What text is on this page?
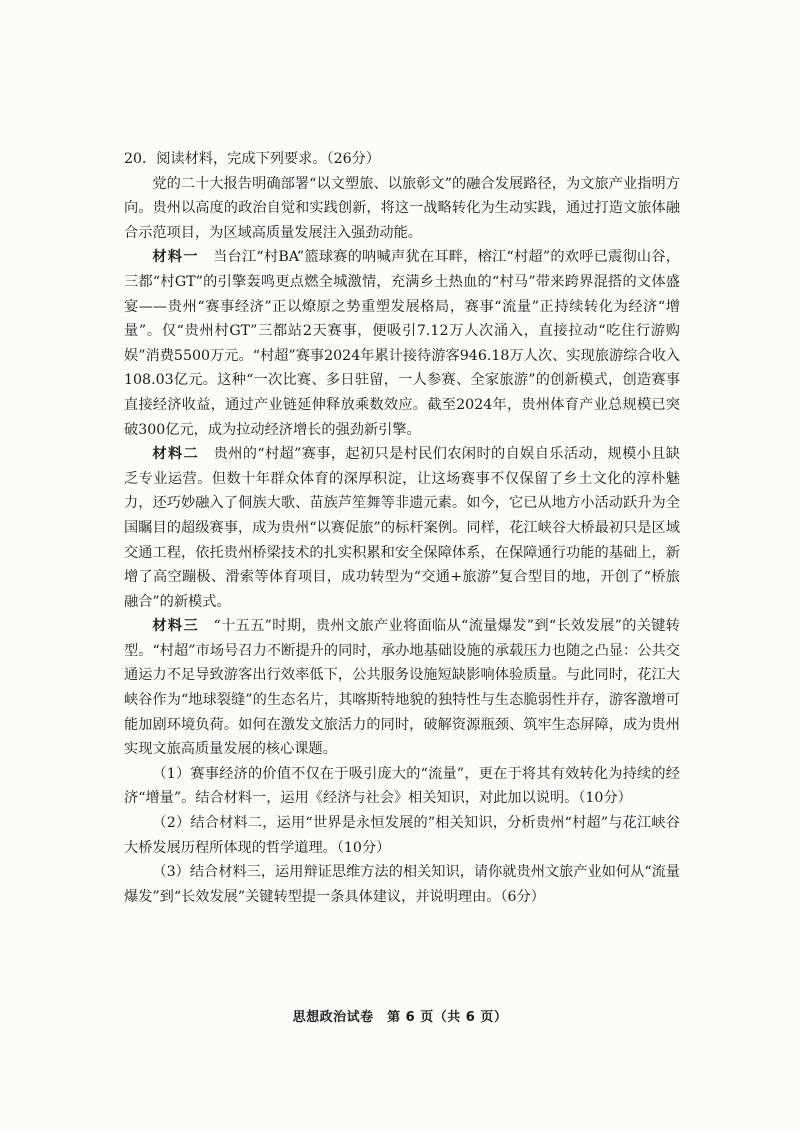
20．阅读材料，完成下列要求。（26分）

党的二十大报告明确部署“以文塑旅、以旅彰文”的融合发展路径，为文旅产业指明方向。贵州以高度的政治自觉和实践创新，将这一战略转化为生动实践，通过打造文旅体融合示范项目，为区域高质量发展注入强劲动能。

材料一　 当台江“村BA”篮球赛的呐喊声犹在耳畔，榕江“村超”的欢呼已震彻山谷，三都“村GT”的引擎轰鸣更点燃全城激情，充满乡土热血的“村马”带来跨界混搭的文体盛宴——贵州“赛事经济”正以燎原之势重塑发展格局，赛事“流量”正持续转化为经济“增量”。仅“贵州村GT”三都站2天赛事，便吸引7.12万人次涌入，直接拉动“吃住行游购娱”消费5500万元。“村超”赛事2024年累计接待游客946.18万人次、实现旅游综合收入108.03亿元。这种“一次比赛、多日驻留，一人参赛、全家旅游”的创新模式，创造赛事直接经济收益，通过产业链延伸释放乘数效应。截至2024年，贵州体育产业总规模已突破300亿元，成为拉动经济增长的强劲新引擎。

材料二　 贵州的“村超”赛事，起初只是村民们农闲时的自娱自乐活动，规模小且缺乏专业运营。但数十年群众体育的深厚积淀，让这场赛事不仅保留了乡土文化的淳朴魅力，还巧妙融入了侗族大歌、苗族芦笙舞等非遗元素。如今，它已从地方小活动跃升为全国瞩目的超级赛事，成为贵州“以赛促旅”的标杆案例。同样，花江峡谷大桥最初只是区域交通工程，依托贵州桥梁技术的扎实积累和安全保障体系，在保障通行功能的基础上，新增了高空蹦极、滑索等体育项目，成功转型为“交通+旅游”复合型目的地，开创了“桥旅融合”的新模式。

材料三　 “十五五”时期，贵州文旅产业将面临从“流量爆发”到“长效发展”的关键转型。“村超”市场号召力不断提升的同时，承办地基础设施的承载压力也随之凸显：公共交通运力不足导致游客出行效率低下，公共服务设施短缺影响体验质量。与此同时，花江大峡谷作为“地球裂缝”的生态名片，其喀斯特地貌的独特性与生态脆弱性并存，游客激增可能加剧环境负荷。如何在激发文旅活力的同时，破解资源瓶颈、筑牢生态屏障，成为贵州实现文旅高质量发展的核心课题。

（1）赛事经济的价值不仅在于吸引庞大的“流量”，更在于将其有效转化为持续的经济“增量”。结合材料一，运用《经济与社会》相关知识，对此加以说明。（10分）

（2）结合材料二，运用“世界是永恒发展的”相关知识，分析贵州“村超”与花江峡谷大桥发展历程所体现的哲学道理。（10分）

（3）结合材料三，运用辩证思维方法的相关知识，请你就贵州文旅产业如何从“流量爆发”到“长效发展”关键转型提一条具体建议，并说明理由。（6分）

思想政治试卷　第 6 页（共 6 页）
